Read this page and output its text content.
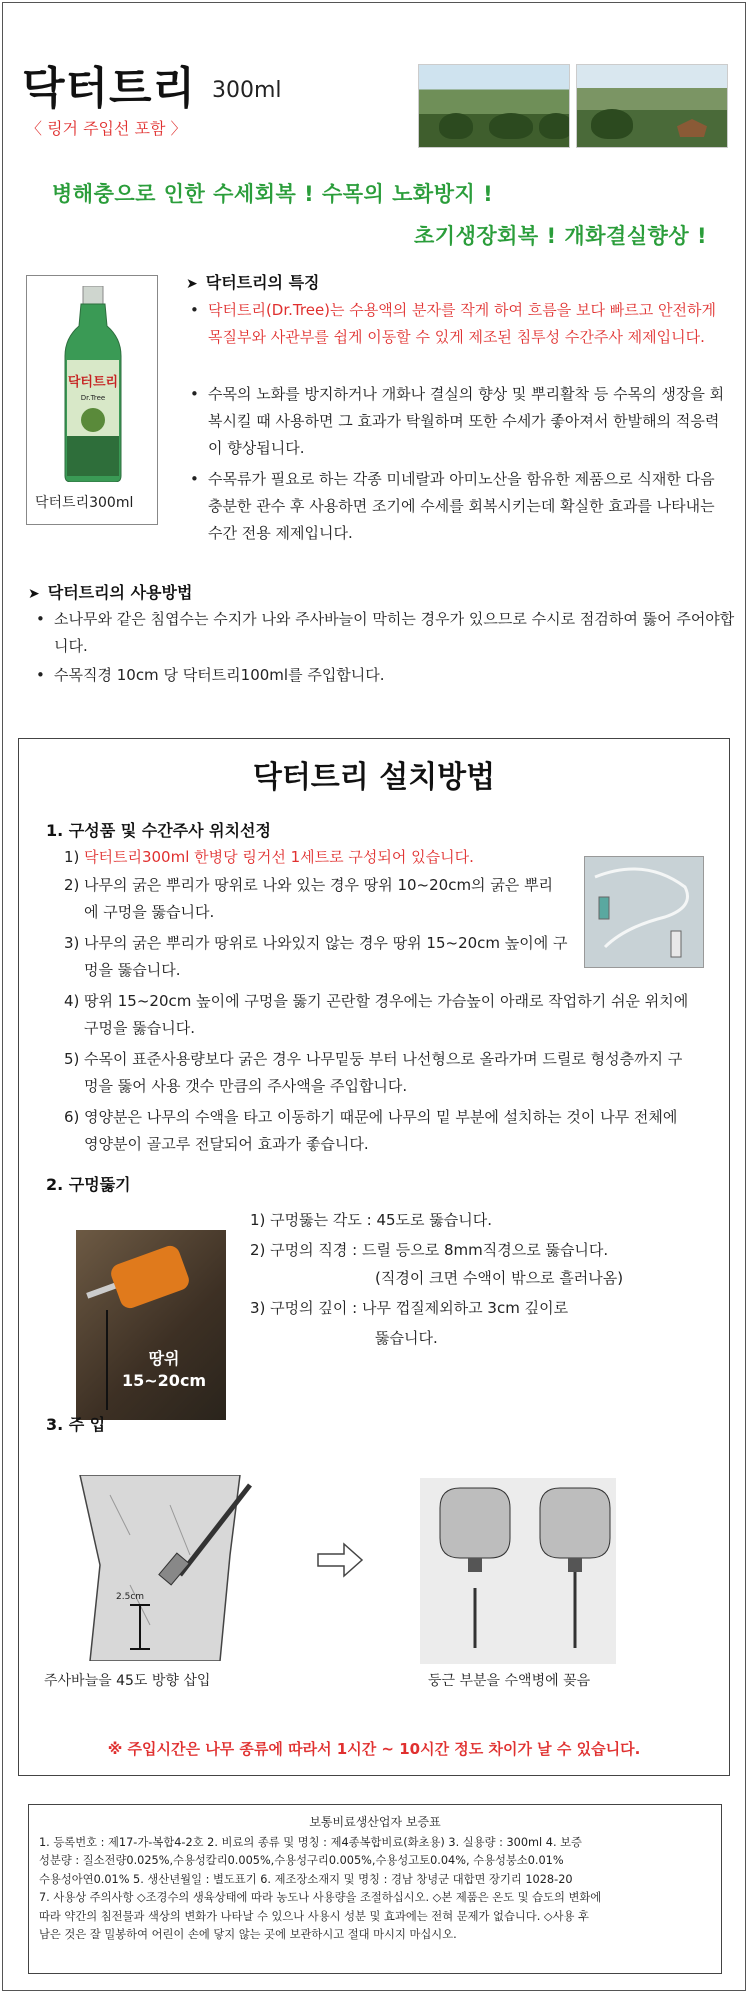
닥터트리 300ml
〈 링거 주입선 포함 〉
병해충으로 인한 수세회복 ! 수목의 노화방지 !
초기생장회복 ! 개화결실향상 !
닥터트리
Dr.Tree
닥터트리300ml
➤ 닥터트리의 특징
• 닥터트리(Dr.Tree)는 수용액의 분자를 작게 하여 흐름을 보다 빠르고 안전하게 목질부와 사관부를 쉽게 이동할 수 있게 제조된 침투성 수간주사 제제입니다.
• 수목의 노화를 방지하거나 개화나 결실의 향상 및 뿌리활착 등 수목의 생장을 회복시킬 때 사용하면 그 효과가 탁월하며 또한 수세가 좋아져서 한발해의 적응력이 향상됩니다.
• 수목류가 필요로 하는 각종 미네랄과 아미노산을 함유한 제품으로 식재한 다음 충분한 관수 후 사용하면 조기에 수세를 회복시키는데 확실한 효과를 나타내는 수간 전용 제제입니다.
➤ 닥터트리의 사용방법
• 소나무와 같은 침엽수는 수지가 나와 주사바늘이 막히는 경우가 있으므로 수시로 점검하여 뚫어 주어야합니다.
• 수목직경 10cm 당 닥터트리100ml를 주입합니다.
닥터트리 설치방법
1. 구성품 및 수간주사 위치선정
1) 닥터트리300ml 한병당 링거선 1세트로 구성되어 있습니다.
2) 나무의 굵은 뿌리가 땅위로 나와 있는 경우 땅위 10~20cm의 굵은 뿌리에 구멍을 뚫습니다.
3) 나무의 굵은 뿌리가 땅위로 나와있지 않는 경우 땅위 15~20cm 높이에 구멍을 뚫습니다.
4) 땅위 15~20cm 높이에 구멍을 뚫기 곤란할 경우에는 가슴높이 아래로 작업하기 쉬운 위치에 구멍을 뚫습니다.
5) 수목이 표준사용량보다 굵은 경우 나무밑둥 부터 나선형으로 올라가며 드릴로 형성층까지 구멍을 뚫어 사용 갯수 만큼의 주사액을 주입합니다.
6) 영양분은 나무의 수액을 타고 이동하기 때문에 나무의 밑 부분에 설치하는 것이 나무 전체에 영양분이 골고루 전달되어 효과가 좋습니다.
2. 구멍뚫기
땅위
15~20cm
1) 구멍뚫는 각도 : 45도로 뚫습니다.
2) 구멍의 직경 : 드릴 등으로 8mm직경으로 뚫습니다.
(직경이 크면 수액이 밖으로 흘러나옴)
3) 구멍의 깊이 : 나무 껍질제외하고 3cm 깊이로
뚫습니다.
3. 주 입
2.5cm
주사바늘을 45도 방향 삽입	둥근 부분을 수액병에 꽂음
※ 주입시간은 나무 종류에 따라서 1시간 ~ 10시간 정도 차이가 날 수 있습니다.
보통비료생산업자 보증표
1. 등록번호 : 제17-가-복합4-2호 2. 비료의 종류 및 명칭 : 제4종복합비료(화초용) 3. 실용량 : 300ml 4. 보증
성분량 : 질소전량0.025%,수용성칼리0.005%,수용성구리0.005%,수용성고토0.04%, 수용성붕소0.01%
수용성아연0.01% 5. 생산년월일 : 별도표기 6. 제조장소재지 및 명칭 : 경남 창녕군 대합면 장기리 1028-20
7. 사용상 주의사항 ◇조경수의 생육상태에 따라 농도나 사용량을 조절하십시오. ◇본 제품은 온도 및 습도의 변화에
따라 약간의 침전물과 색상의 변화가 나타날 수 있으나 사용시 성분 및 효과에는 전혀 문제가 없습니다. ◇사용 후
남은 것은 잘 밀봉하여 어린이 손에 닿지 않는 곳에 보관하시고 절대 마시지 마십시오.
